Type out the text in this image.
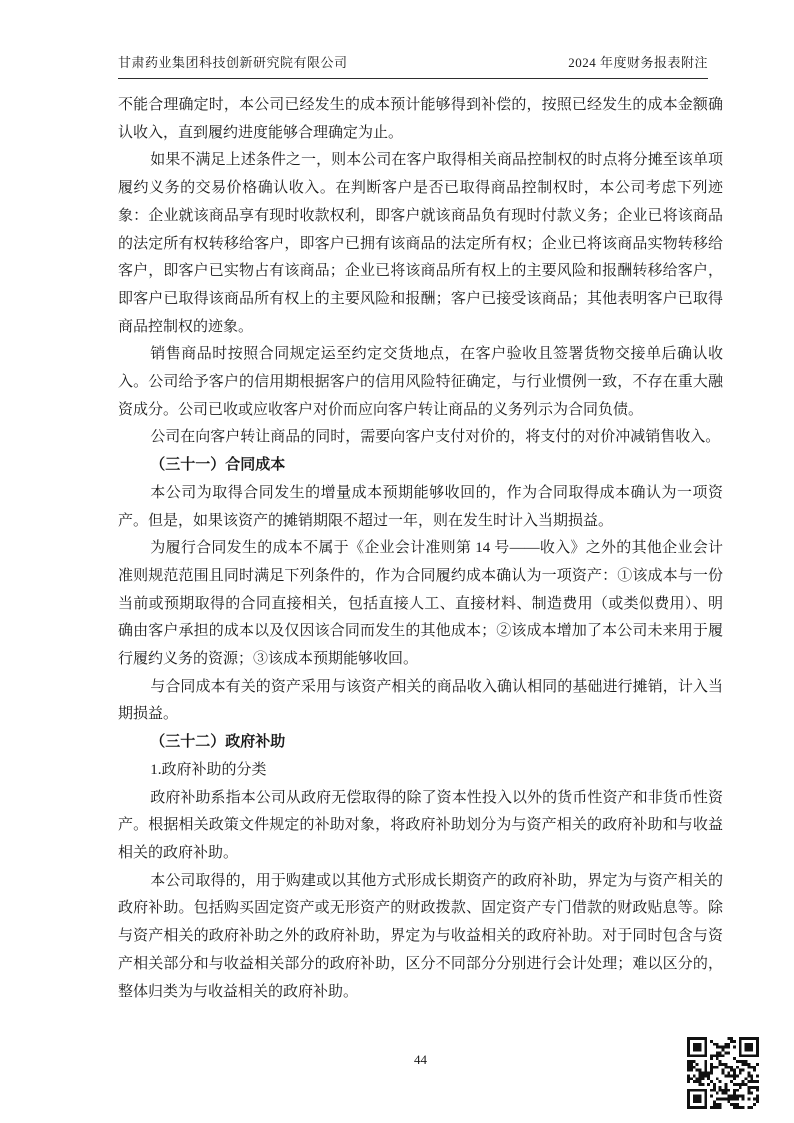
甘肃药业集团科技创新研究院有限公司	2024 年度财务报表附注

不能合理确定时，本公司已经发生的成本预计能够得到补偿的，按照已经发生的成本金额确认收入，直到履约进度能够合理确定为止。

如果不满足上述条件之一，则本公司在客户取得相关商品控制权的时点将分摊至该单项履约义务的交易价格确认收入。在判断客户是否已取得商品控制权时，本公司考虑下列迹象：企业就该商品享有现时收款权利，即客户就该商品负有现时付款义务；企业已将该商品的法定所有权转移给客户，即客户已拥有该商品的法定所有权；企业已将该商品实物转移给客户，即客户已实物占有该商品；企业已将该商品所有权上的主要风险和报酬转移给客户，即客户已取得该商品所有权上的主要风险和报酬；客户已接受该商品；其他表明客户已取得商品控制权的迹象。

销售商品时按照合同规定运至约定交货地点，在客户验收且签署货物交接单后确认收入。公司给予客户的信用期根据客户的信用风险特征确定，与行业惯例一致，不存在重大融资成分。公司已收或应收客户对价而应向客户转让商品的义务列示为合同负债。

公司在向客户转让商品的同时，需要向客户支付对价的，将支付的对价冲减销售收入。

（三十一）合同成本

本公司为取得合同发生的增量成本预期能够收回的，作为合同取得成本确认为一项资产。但是，如果该资产的摊销期限不超过一年，则在发生时计入当期损益。

为履行合同发生的成本不属于《企业会计准则第 14 号——收入》之外的其他企业会计准则规范范围且同时满足下列条件的，作为合同履约成本确认为一项资产：①该成本与一份当前或预期取得的合同直接相关，包括直接人工、直接材料、制造费用（或类似费用）、明确由客户承担的成本以及仅因该合同而发生的其他成本；②该成本增加了本公司未来用于履行履约义务的资源；③该成本预期能够收回。

与合同成本有关的资产采用与该资产相关的商品收入确认相同的基础进行摊销，计入当期损益。

（三十二）政府补助

1.政府补助的分类

政府补助系指本公司从政府无偿取得的除了资本性投入以外的货币性资产和非货币性资产。根据相关政策文件规定的补助对象，将政府补助划分为与资产相关的政府补助和与收益相关的政府补助。

本公司取得的，用于购建或以其他方式形成长期资产的政府补助，界定为与资产相关的政府补助。包括购买固定资产或无形资产的财政拨款、固定资产专门借款的财政贴息等。除与资产相关的政府补助之外的政府补助，界定为与收益相关的政府补助。对于同时包含与资产相关部分和与收益相关部分的政府补助，区分不同部分分别进行会计处理；难以区分的，整体归类为与收益相关的政府补助。

44
